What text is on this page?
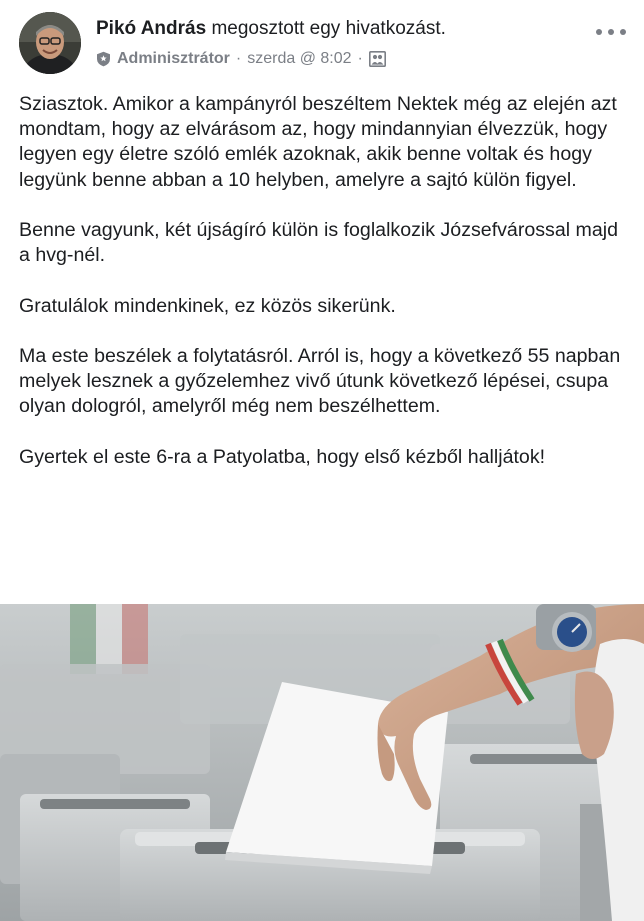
Pikó András megosztott egy hivatkozást.
Adminisztrátor · szerda @ 8:02 ·

Sziasztok. Amikor a kampányról beszéltem Nektek még az elején azt mondtam, hogy az elvárásom az, hogy mindannyian élvezzük, hogy legyen egy életre szóló emlék azoknak, akik benne voltak és hogy legyünk benne abban a 10 helyben, amelyre a sajtó külön figyel.

Benne vagyunk, két újságíró külön is foglalkozik Józsefvárossal majd a hvg-nél.

Gratulálok mindenkinek, ez közös sikerünk.

Ma este beszélek a folytatásról. Arról is, hogy a következő 55 napban melyek lesznek a győzelemhez vivő útunk következő lépései, csupa olyan dologról, amelyről még nem beszélhettem.

Gyertek el este 6-ra a Patyolatba, hogy első kézből halljátok!
